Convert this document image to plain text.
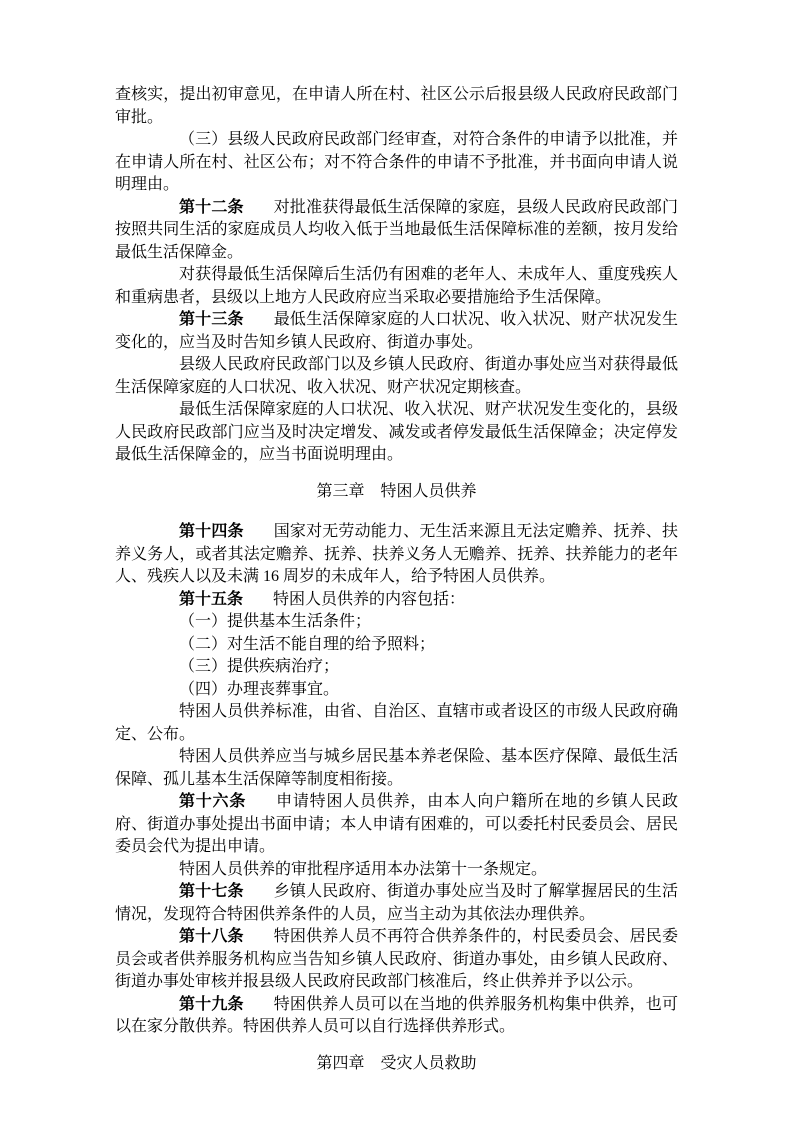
查核实，提出初审意见，在申请人所在村、社区公示后报县级人民政府民政部门审批。

（三）县级人民政府民政部门经审查，对符合条件的申请予以批准，并在申请人所在村、社区公布；对不符合条件的申请不予批准，并书面向申请人说明理由。

第十二条 对批准获得最低生活保障的家庭，县级人民政府民政部门按照共同生活的家庭成员人均收入低于当地最低生活保障标准的差额，按月发给最低生活保障金。

对获得最低生活保障后生活仍有困难的老年人、未成年人、重度残疾人和重病患者，县级以上地方人民政府应当采取必要措施给予生活保障。

第十三条 最低生活保障家庭的人口状况、收入状况、财产状况发生变化的，应当及时告知乡镇人民政府、街道办事处。

县级人民政府民政部门以及乡镇人民政府、街道办事处应当对获得最低生活保障家庭的人口状况、收入状况、财产状况定期核查。

最低生活保障家庭的人口状况、收入状况、财产状况发生变化的，县级人民政府民政部门应当及时决定增发、减发或者停发最低生活保障金；决定停发最低生活保障金的，应当书面说明理由。

第三章　特困人员供养

第十四条 国家对无劳动能力、无生活来源且无法定赡养、抚养、扶养义务人，或者其法定赡养、抚养、扶养义务人无赡养、抚养、扶养能力的老年人、残疾人以及未满 16 周岁的未成年人，给予特困人员供养。

第十五条 特困人员供养的内容包括：

（一）提供基本生活条件；

（二）对生活不能自理的给予照料；

（三）提供疾病治疗；

（四）办理丧葬事宜。

特困人员供养标准，由省、自治区、直辖市或者设区的市级人民政府确定、公布。

特困人员供养应当与城乡居民基本养老保险、基本医疗保障、最低生活保障、孤儿基本生活保障等制度相衔接。

第十六条 申请特困人员供养，由本人向户籍所在地的乡镇人民政府、街道办事处提出书面申请；本人申请有困难的，可以委托村民委员会、居民委员会代为提出申请。

特困人员供养的审批程序适用本办法第十一条规定。

第十七条 乡镇人民政府、街道办事处应当及时了解掌握居民的生活情况，发现符合特困供养条件的人员，应当主动为其依法办理供养。

第十八条 特困供养人员不再符合供养条件的，村民委员会、居民委员会或者供养服务机构应当告知乡镇人民政府、街道办事处，由乡镇人民政府、街道办事处审核并报县级人民政府民政部门核准后，终止供养并予以公示。

第十九条 特困供养人员可以在当地的供养服务机构集中供养，也可以在家分散供养。特困供养人员可以自行选择供养形式。

第四章　受灾人员救助
